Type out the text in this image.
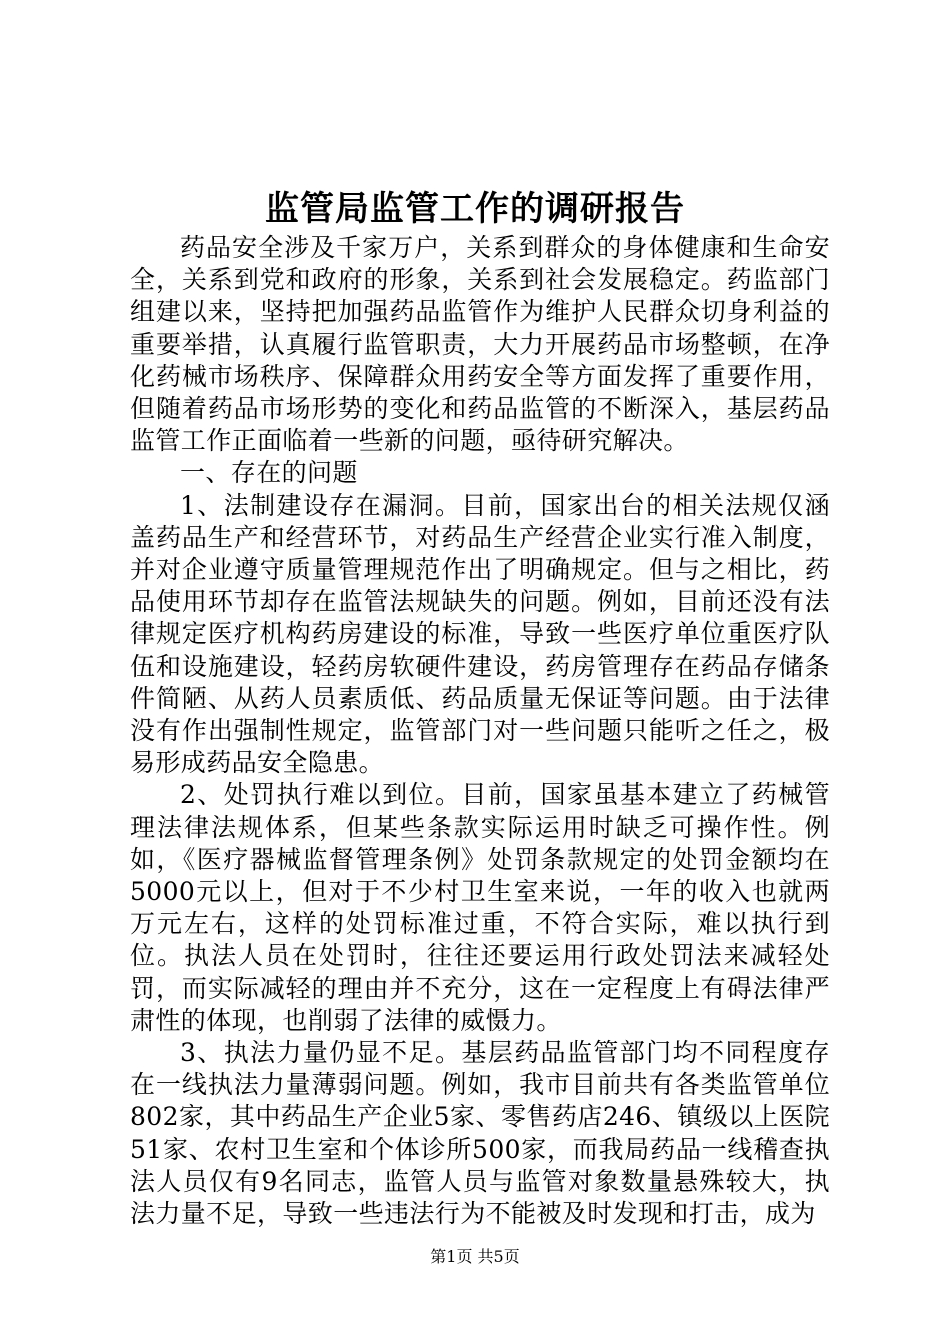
监管局监管工作的调研报告

药品安全涉及千家万户，关系到群众的身体健康和生命安全，关系到党和政府的形象，关系到社会发展稳定。药监部门组建以来，坚持把加强药品监管作为维护人民群众切身利益的重要举措，认真履行监管职责，大力开展药品市场整顿，在净化药械市场秩序、保障群众用药安全等方面发挥了重要作用，但随着药品市场形势的变化和药品监管的不断深入，基层药品监管工作正面临着一些新的问题，亟待研究解决。

一、存在的问题

1、法制建设存在漏洞。目前，国家出台的相关法规仅涵盖药品生产和经营环节，对药品生产经营企业实行准入制度，并对企业遵守质量管理规范作出了明确规定。但与之相比，药品使用环节却存在监管法规缺失的问题。例如，目前还没有法律规定医疗机构药房建设的标准，导致一些医疗单位重医疗队伍和设施建设，轻药房软硬件建设，药房管理存在药品存储条件简陋、从药人员素质低、药品质量无保证等问题。由于法律没有作出强制性规定，监管部门对一些问题只能听之任之，极易形成药品安全隐患。

2、处罚执行难以到位。目前，国家虽基本建立了药械管理法律法规体系，但某些条款实际运用时缺乏可操作性。例如，《医疗器械监督管理条例》处罚条款规定的处罚金额均在5000元以上，但对于不少村卫生室来说，一年的收入也就两万元左右，这样的处罚标准过重，不符合实际，难以执行到位。执法人员在处罚时，往往还要运用行政处罚法来减轻处罚，而实际减轻的理由并不充分，这在一定程度上有碍法律严肃性的体现，也削弱了法律的威慑力。

3、执法力量仍显不足。基层药品监管部门均不同程度存在一线执法力量薄弱问题。例如，我市目前共有各类监管单位802家，其中药品生产企业5家、零售药店246、镇级以上医院51家、农村卫生室和个体诊所500家，而我局药品一线稽查执法人员仅有9名同志，监管人员与监管对象数量悬殊较大，执法力量不足，导致一些违法行为不能被及时发现和打击，成为

第1页 共5页
